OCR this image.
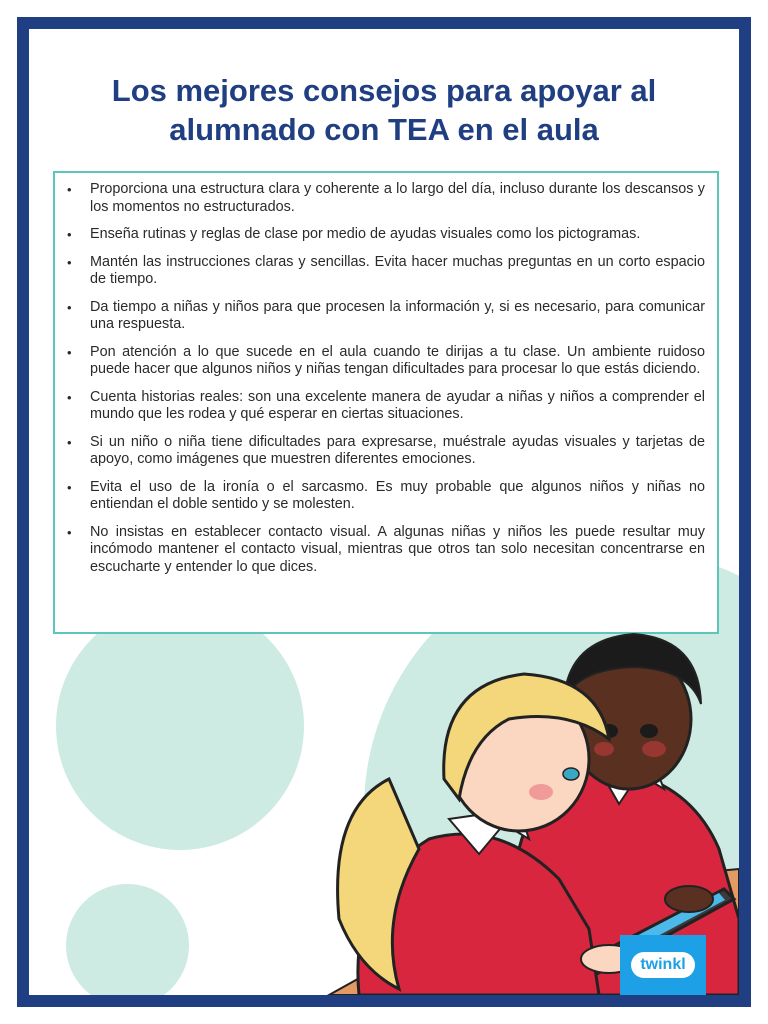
Los mejores consejos para apoyar al alumnado con TEA en el aula
• Proporciona una estructura clara y coherente a lo largo del día, incluso durante los descansos y los momentos no estructurados.
• Enseña rutinas y reglas de clase por medio de ayudas visuales como los pictogramas.
• Mantén las instrucciones claras y sencillas. Evita hacer muchas preguntas en un corto espacio de tiempo.
• Da tiempo a niñas y niños para que procesen la información y, si es necesario, para comunicar una respuesta.
• Pon atención a lo que sucede en el aula cuando te dirijas a tu clase. Un ambiente ruidoso puede hacer que algunos niños y niñas tengan dificultades para procesar lo que estás diciendo.
• Cuenta historias reales: son una excelente manera de ayudar a niñas y niños a comprender el mundo que les rodea y qué esperar en ciertas situaciones.
• Si un niño o niña tiene dificultades para expresarse, muéstrale ayudas visuales y tarjetas de apoyo, como imágenes que muestren diferentes emociones.
• Evita el uso de la ironía o el sarcasmo. Es muy probable que algunos niños y niñas no entiendan el doble sentido y se molesten.
• No insistas en establecer contacto visual. A algunas niñas y niños les puede resultar muy incómodo mantener el contacto visual, mientras que otros tan solo necesitan concentrarse en escucharte y entender lo que dices.
twinkl
